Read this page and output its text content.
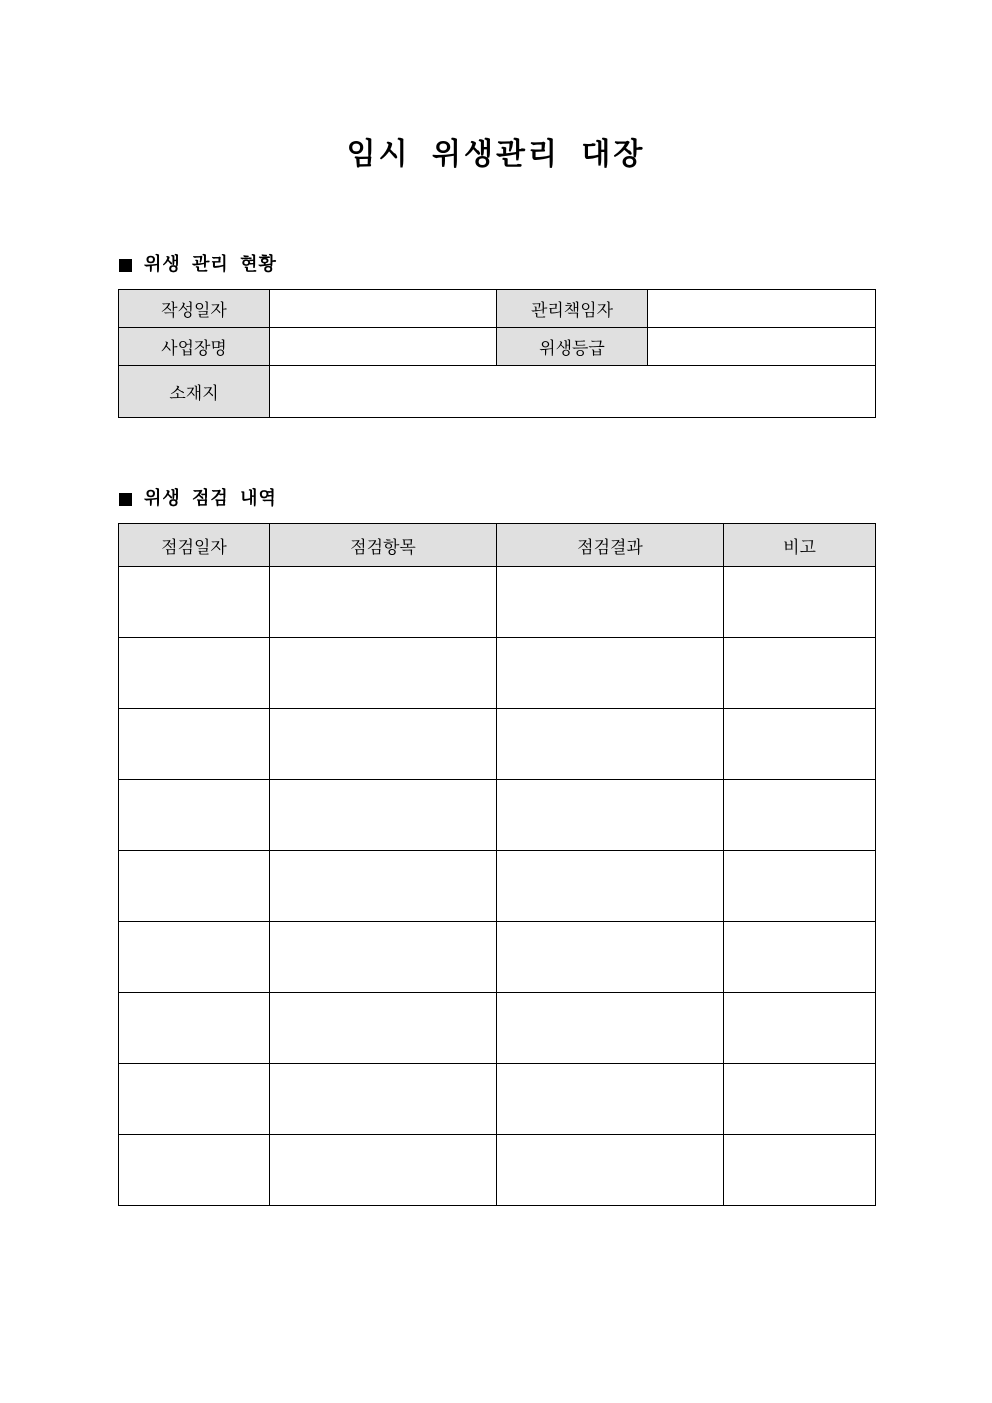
임시 위생관리 대장
위생 관리 현황
작성일자		관리책임자	
사업장명		위생등급	
소재지			
위생 점검 내역
점검일자	점검항목	점검결과	비고
